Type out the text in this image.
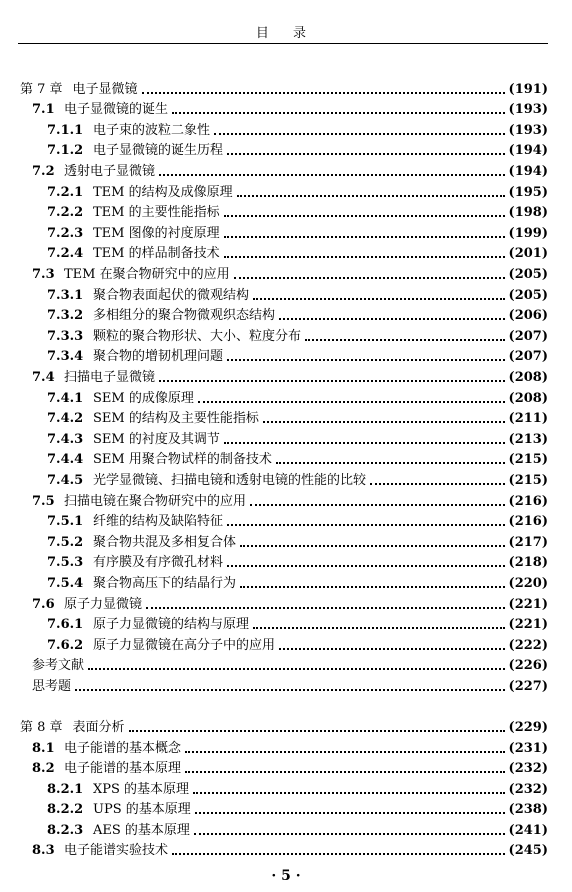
目 录
第 7 章 电子显微镜	(191)
7.1 电子显微镜的诞生	(193)
7.1.1 电子束的波粒二象性	(193)
7.1.2 电子显微镜的诞生历程	(194)
7.2 透射电子显微镜	(194)
7.2.1 TEM 的结构及成像原理	(195)
7.2.2 TEM 的主要性能指标	(198)
7.2.3 TEM 图像的衬度原理	(199)
7.2.4 TEM 的样品制备技术	(201)
7.3 TEM 在聚合物研究中的应用	(205)
7.3.1 聚合物表面起伏的微观结构	(205)
7.3.2 多相组分的聚合物微观织态结构	(206)
7.3.3 颗粒的聚合物形状、大小、粒度分布	(207)
7.3.4 聚合物的增韧机理问题	(207)
7.4 扫描电子显微镜	(208)
7.4.1 SEM 的成像原理	(208)
7.4.2 SEM 的结构及主要性能指标	(211)
7.4.3 SEM 的衬度及其调节	(213)
7.4.4 SEM 用聚合物试样的制备技术	(215)
7.4.5 光学显微镜、扫描电镜和透射电镜的性能的比较	(215)
7.5 扫描电镜在聚合物研究中的应用	(216)
7.5.1 纤维的结构及缺陷特征	(216)
7.5.2 聚合物共混及多相复合体	(217)
7.5.3 有序膜及有序微孔材料	(218)
7.5.4 聚合物高压下的结晶行为	(220)
7.6 原子力显微镜	(221)
7.6.1 原子力显微镜的结构与原理	(221)
7.6.2 原子力显微镜在高分子中的应用	(222)
参考文献	(226)
思考题	(227)
第 8 章 表面分析	(229)
8.1 电子能谱的基本概念	(231)
8.2 电子能谱的基本原理	(232)
8.2.1 XPS 的基本原理	(232)
8.2.2 UPS 的基本原理	(238)
8.2.3 AES 的基本原理	(241)
8.3 电子能谱实验技术	(245)
· 5 ·
